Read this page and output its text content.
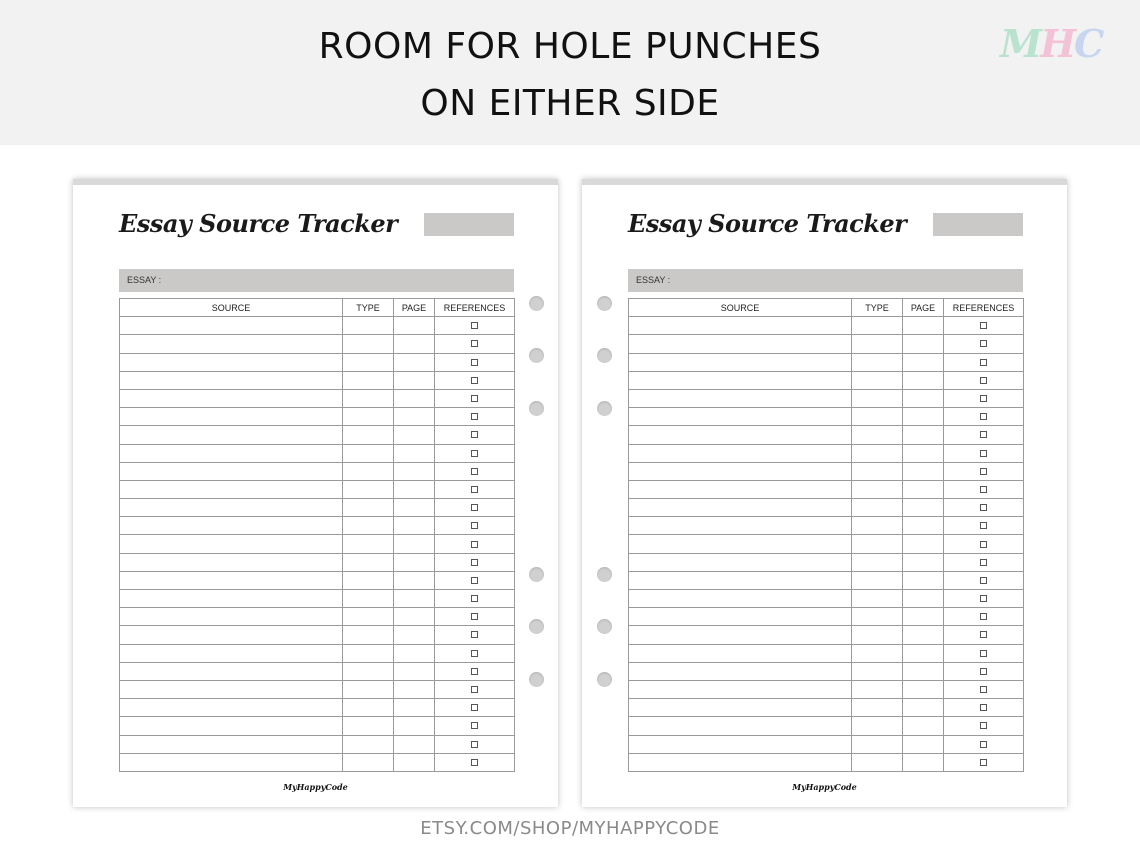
ROOM FOR HOLE PUNCHES
ON EITHER SIDE
M
H
C
Essay Source Tracker
ESSAY :
SOURCE	TYPE	PAGE	REFERENCES

MyHappyCode
Essay Source Tracker
ESSAY :
SOURCE	TYPE	PAGE	REFERENCES

MyHappyCode
ETSY.COM/SHOP/MYHAPPYCODE
